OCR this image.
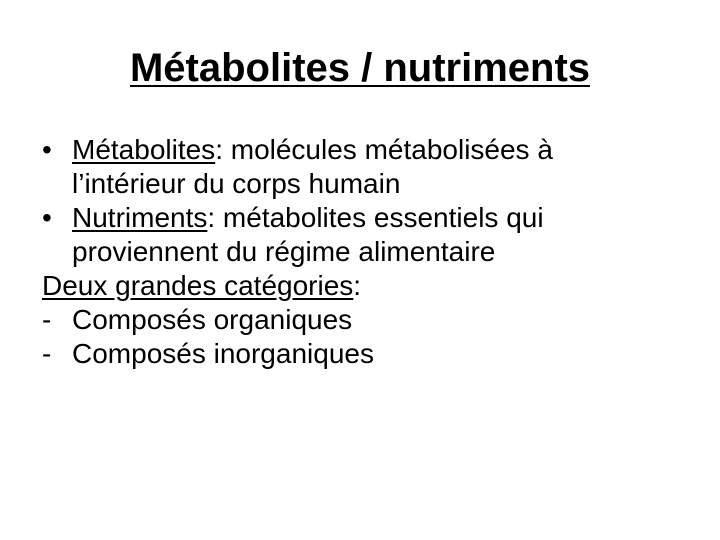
Métabolites / nutriments
• Métabolites: molécules métabolisées à
l’intérieur du corps humain
• Nutriments: métabolites essentiels qui
proviennent du régime alimentaire
Deux grandes catégories:
- Composés organiques
- Composés inorganiques
